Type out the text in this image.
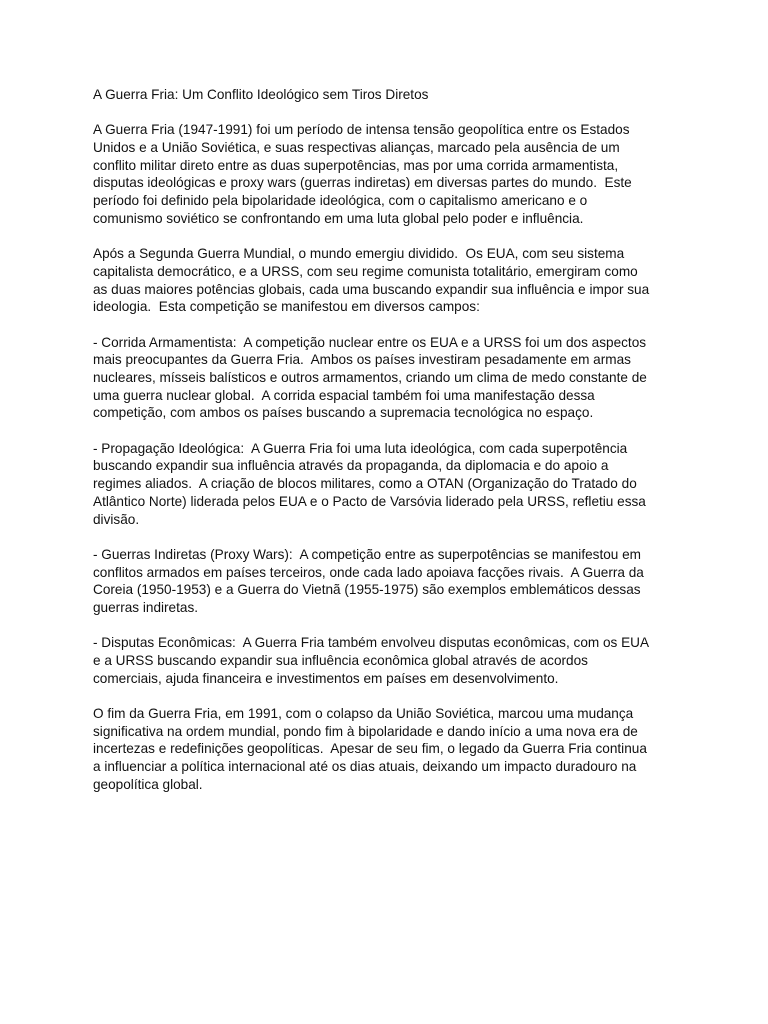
A Guerra Fria: Um Conflito Ideológico sem Tiros Diretos
A Guerra Fria (1947-1991) foi um período de intensa tensão geopolítica entre os Estados
Unidos e a União Soviética, e suas respectivas alianças, marcado pela ausência de um
conflito militar direto entre as duas superpotências, mas por uma corrida armamentista,
disputas ideológicas e proxy wars (guerras indiretas) em diversas partes do mundo.  Este
período foi definido pela bipolaridade ideológica, com o capitalismo americano e o
comunismo soviético se confrontando em uma luta global pelo poder e influência.
Após a Segunda Guerra Mundial, o mundo emergiu dividido.  Os EUA, com seu sistema
capitalista democrático, e a URSS, com seu regime comunista totalitário, emergiram como
as duas maiores potências globais, cada uma buscando expandir sua influência e impor sua
ideologia.  Esta competição se manifestou em diversos campos:
- Corrida Armamentista:  A competição nuclear entre os EUA e a URSS foi um dos aspectos
mais preocupantes da Guerra Fria.  Ambos os países investiram pesadamente em armas
nucleares, mísseis balísticos e outros armamentos, criando um clima de medo constante de
uma guerra nuclear global.  A corrida espacial também foi uma manifestação dessa
competição, com ambos os países buscando a supremacia tecnológica no espaço.
- Propagação Ideológica:  A Guerra Fria foi uma luta ideológica, com cada superpotência
buscando expandir sua influência através da propaganda, da diplomacia e do apoio a
regimes aliados.  A criação de blocos militares, como a OTAN (Organização do Tratado do
Atlântico Norte) liderada pelos EUA e o Pacto de Varsóvia liderado pela URSS, refletiu essa
divisão.
- Guerras Indiretas (Proxy Wars):  A competição entre as superpotências se manifestou em
conflitos armados em países terceiros, onde cada lado apoiava facções rivais.  A Guerra da
Coreia (1950-1953) e a Guerra do Vietnã (1955-1975) são exemplos emblemáticos dessas
guerras indiretas.
- Disputas Econômicas:  A Guerra Fria também envolveu disputas econômicas, com os EUA
e a URSS buscando expandir sua influência econômica global através de acordos
comerciais, ajuda financeira e investimentos em países em desenvolvimento.
O fim da Guerra Fria, em 1991, com o colapso da União Soviética, marcou uma mudança
significativa na ordem mundial, pondo fim à bipolaridade e dando início a uma nova era de
incertezas e redefinições geopolíticas.  Apesar de seu fim, o legado da Guerra Fria continua
a influenciar a política internacional até os dias atuais, deixando um impacto duradouro na
geopolítica global.
